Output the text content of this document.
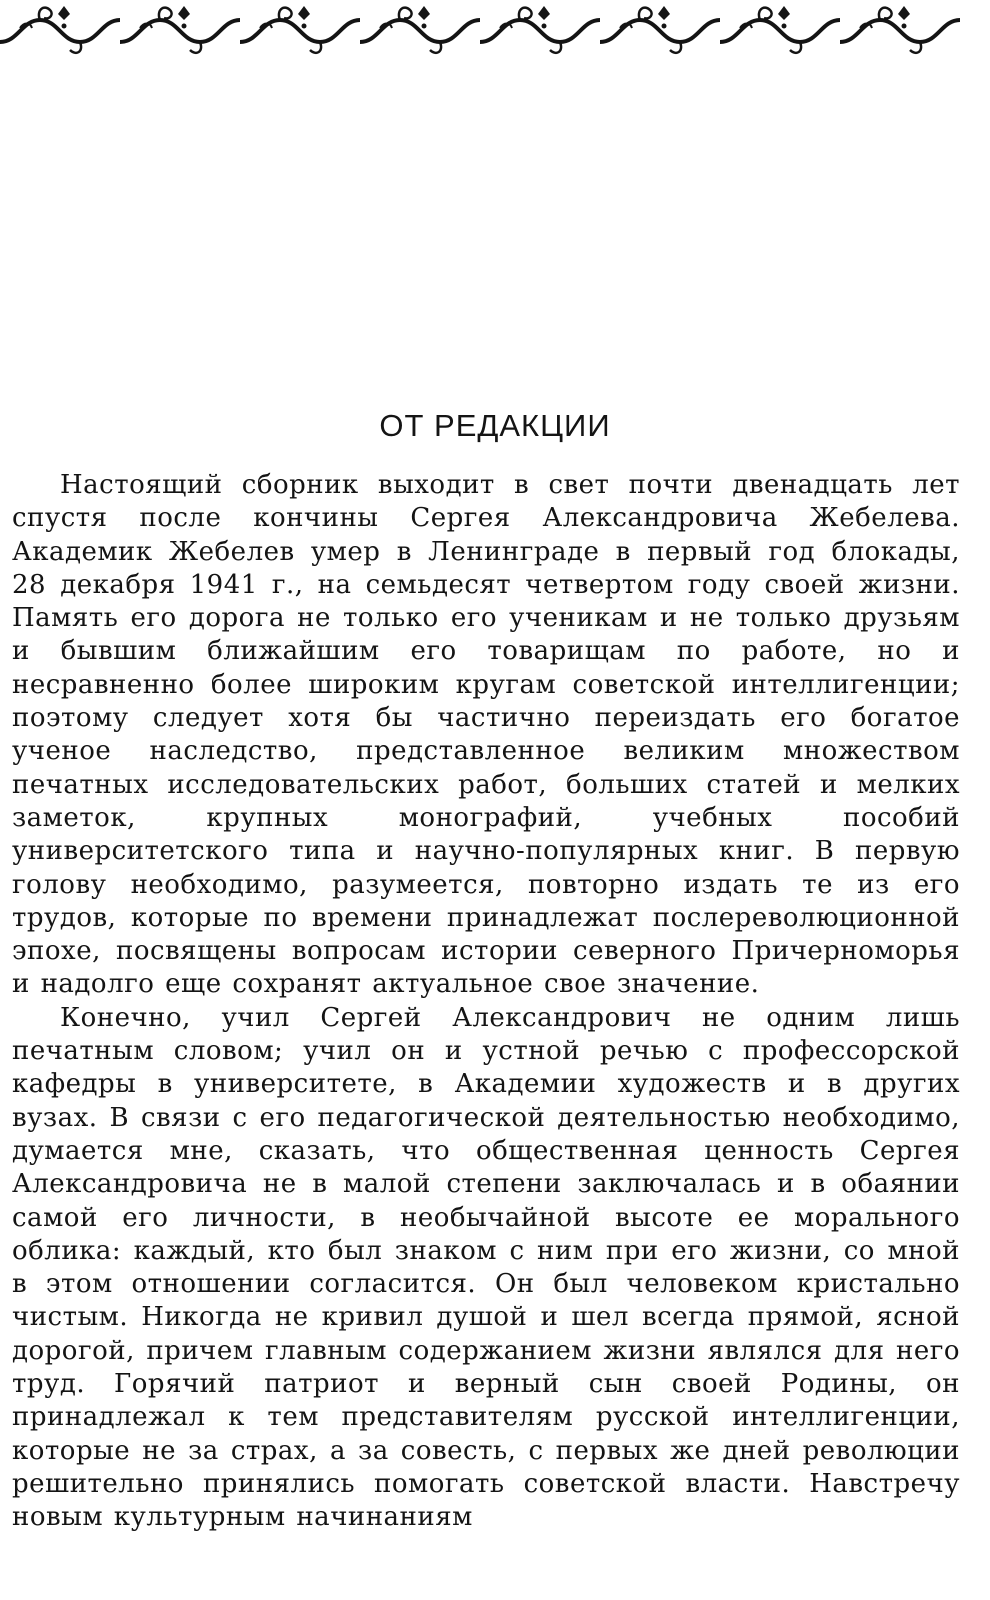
ОТ РЕДАКЦИИ

Настоящий сборник выходит в свет почти двенадцать лет спустя после кончины Сергея Александровича Жебелева. Академик Жебелев умер в Ленинграде в первый год блокады, 28 декабря 1941 г., на семьдесят четвертом году своей жизни. Память его дорога не только его ученикам и не только друзьям и бывшим ближайшим его товарищам по работе, но и несравненно более широким кругам советской интеллигенции; поэтому следует хотя бы частично переиздать его богатое ученое наследство, представленное великим множеством печатных исследовательских работ, больших статей и мелких заметок, крупных монографий, учебных пособий университетского типа и научно-популярных книг. В первую голову необходимо, разумеется, повторно издать те из его трудов, которые по времени принадлежат послереволюционной эпохе, посвящены вопросам истории северного Причерноморья и надолго еще сохранят актуальное свое значение.

Конечно, учил Сергей Александрович не одним лишь печатным словом; учил он и устной речью с профессорской кафедры в университете, в Академии художеств и в других вузах. В связи с его педагогической деятельностью необходимо, думается мне, сказать, что общественная ценность Сергея Александровича не в малой степени заключалась и в обаянии самой его личности, в необычайной высоте ее морального облика: каждый, кто был знаком с ним при его жизни, со мной в этом отношении согласится. Он был человеком кристально чистым. Никогда не кривил душой и шел всегда прямой, ясной дорогой, причем главным содержанием жизни являлся для него труд. Горячий патриот и верный сын своей Родины, он принадлежал к тем представителям русской интеллигенции, которые не за страх, а за совесть, с первых же дней революции решительно принялись помогать советской власти. Навстречу новым культурным начинаниям
